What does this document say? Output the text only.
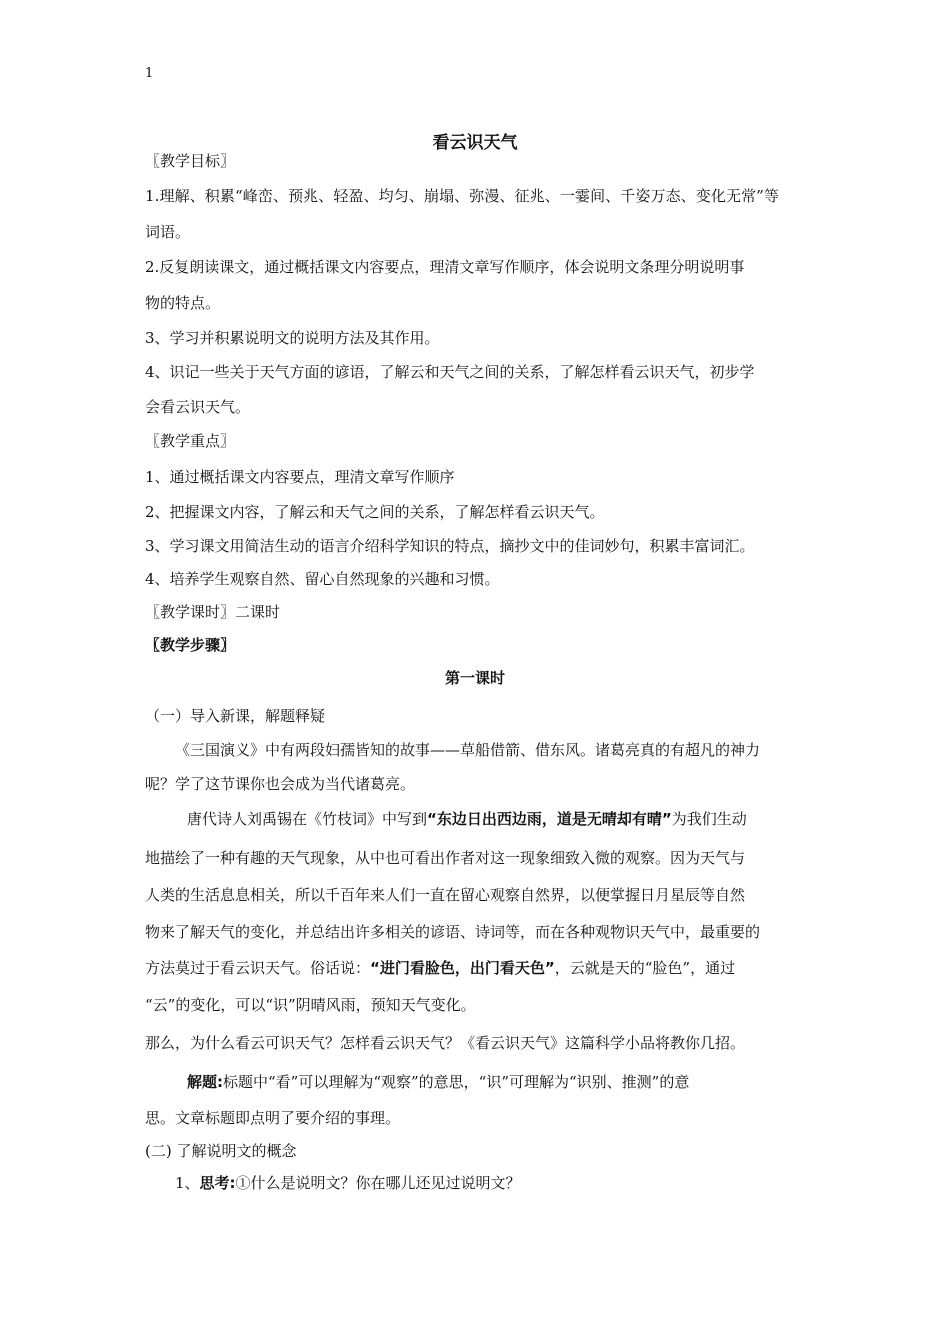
1
看云识天气
〖教学目标〗
1.理解、积累“峰峦、预兆、轻盈、均匀、崩塌、弥漫、征兆、一霎间、千姿万态、变化无常”等
词语。
2.反复朗读课文，通过概括课文内容要点，理清文章写作顺序，体会说明文条理分明说明事
物的特点。
3、学习并积累说明文的说明方法及其作用。
4、识记一些关于天气方面的谚语，了解云和天气之间的关系，了解怎样看云识天气，初步学
会看云识天气。
〖教学重点〗
1、通过概括课文内容要点，理清文章写作顺序
2、把握课文内容，了解云和天气之间的关系，了解怎样看云识天气。
3、学习课文用简洁生动的语言介绍科学知识的特点，摘抄文中的佳词妙句，积累丰富词汇。
4、培养学生观察自然、留心自然现象的兴趣和习惯。
〖教学课时〗二课时
〖教学步骤〗
第一课时
（一）导入新课，解题释疑
《三国演义》中有两段妇孺皆知的故事——草船借箭、借东风。诸葛亮真的有超凡的神力
呢？学了这节课你也会成为当代诸葛亮。
唐代诗人刘禹锡在《竹枝词》中写到“东边日出西边雨，道是无晴却有晴”为我们生动
地描绘了一种有趣的天气现象，从中也可看出作者对这一现象细致入微的观察。因为天气与
人类的生活息息相关，所以千百年来人们一直在留心观察自然界，以便掌握日月星辰等自然
物来了解天气的变化，并总结出许多相关的谚语、诗词等，而在各种观物识天气中，最重要的
方法莫过于看云识天气。俗话说：“进门看脸色，出门看天色”，云就是天的“脸色”，通过
“云”的变化，可以“识”阴晴风雨，预知天气变化。
那么，为什么看云可识天气？怎样看云识天气？《看云识天气》这篇科学小品将教你几招。
解题:标题中“看”可以理解为“观察”的意思，“识”可理解为“识别、推测”的意
思。文章标题即点明了要介绍的事理。
(二) 了解说明文的概念
1、思考:①什么是说明文？你在哪儿还见过说明文？
